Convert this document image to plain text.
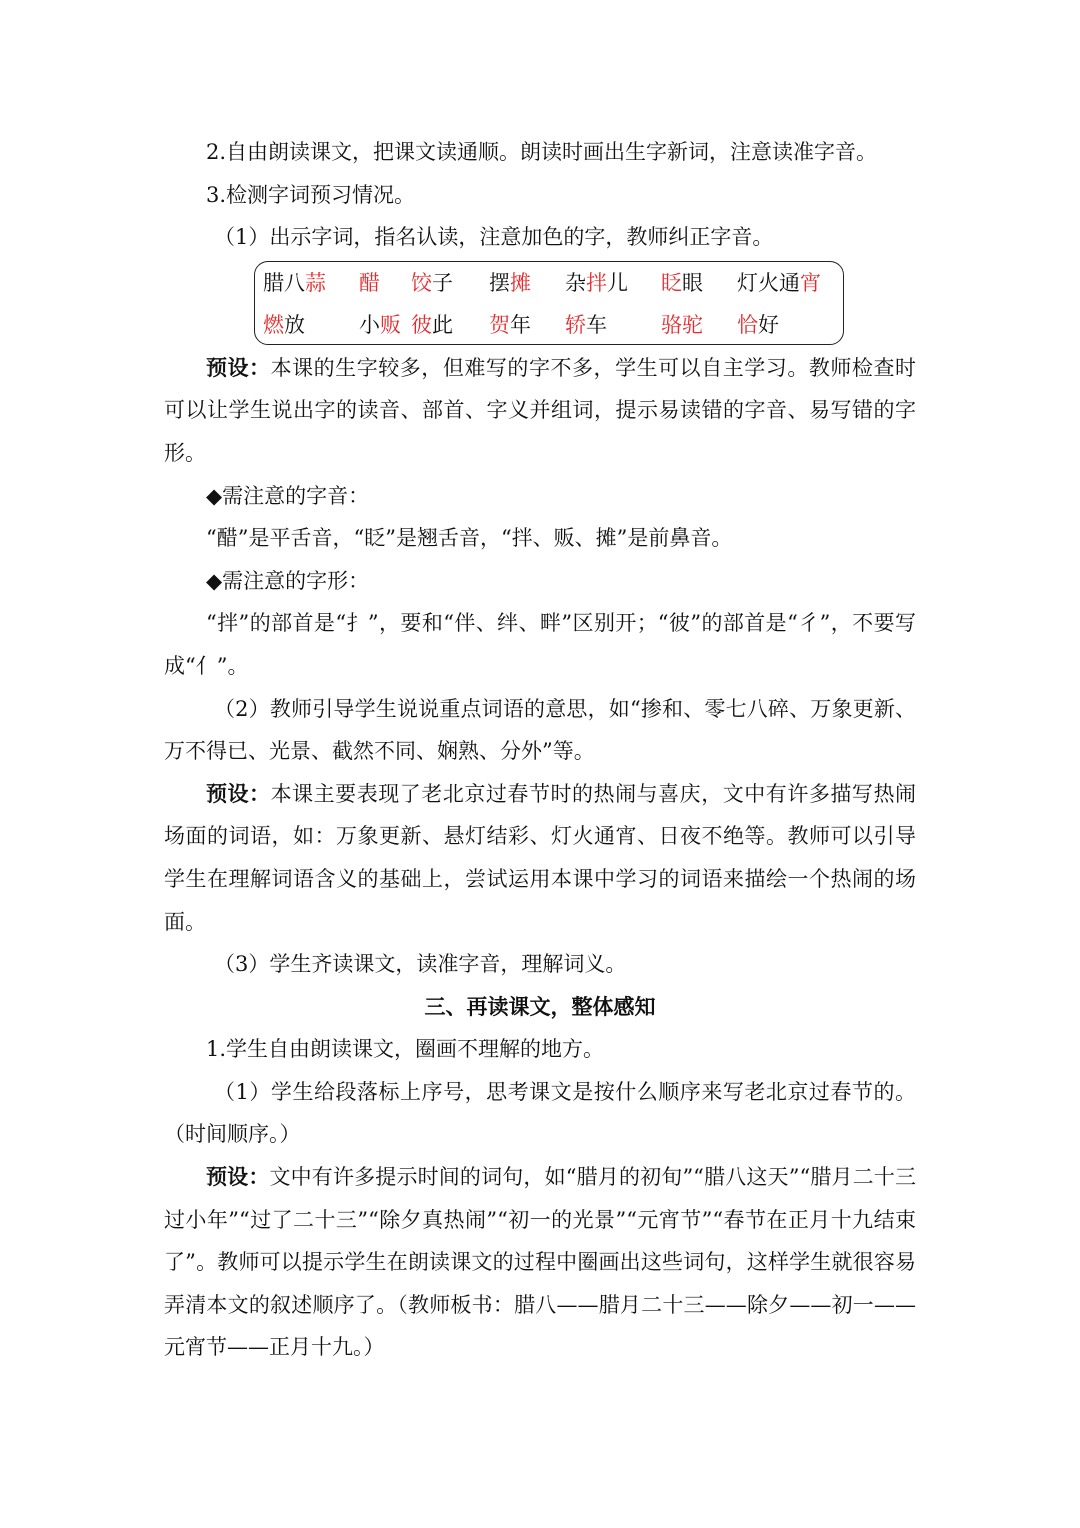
2.自由朗读课文，把课文读通顺。朗读时画出生字新词，注意读准字音。

3.检测字词预习情况。

（1）出示字词，指名认读，注意加色的字，教师纠正字音。

腊八蒜 醋 饺子 摆摊 杂拌儿 眨眼 灯火通宵
燃放	小贩 彼此 贺年 轿车	骆驼 恰好

预设：本课的生字较多，但难写的字不多，学生可以自主学习。教师检查时可以让学生说出字的读音、部首、字义并组词，提示易读错的字音、易写错的字形。

◆需注意的字音：

“醋”是平舌音，“眨”是翘舌音，“拌、贩、摊”是前鼻音。

◆需注意的字形：

“拌”的部首是“扌”，要和“伴、绊、畔”区别开；“彼”的部首是“彳”，不要写成“亻”。

（2）教师引导学生说说重点词语的意思，如“掺和、零七八碎、万象更新、万不得已、光景、截然不同、娴熟、分外”等。

预设：本课主要表现了老北京过春节时的热闹与喜庆，文中有许多描写热闹场面的词语，如：万象更新、悬灯结彩、灯火通宵、日夜不绝等。教师可以引导学生在理解词语含义的基础上，尝试运用本课中学习的词语来描绘一个热闹的场面。

（3）学生齐读课文，读准字音，理解词义。

三、再读课文，整体感知

1.学生自由朗读课文，圈画不理解的地方。

（1）学生给段落标上序号，思考课文是按什么顺序来写老北京过春节的。（时间顺序。）

预设：文中有许多提示时间的词句，如“腊月的初旬”“腊八这天”“腊月二十三过小年”“过了二十三”“除夕真热闹”“初一的光景”“元宵节”“春节在正月十九结束了”。教师可以提示学生在朗读课文的过程中圈画出这些词句，这样学生就很容易弄清本文的叙述顺序了。（教师板书：腊八——腊月二十三——除夕——初一——元宵节——正月十九。）
